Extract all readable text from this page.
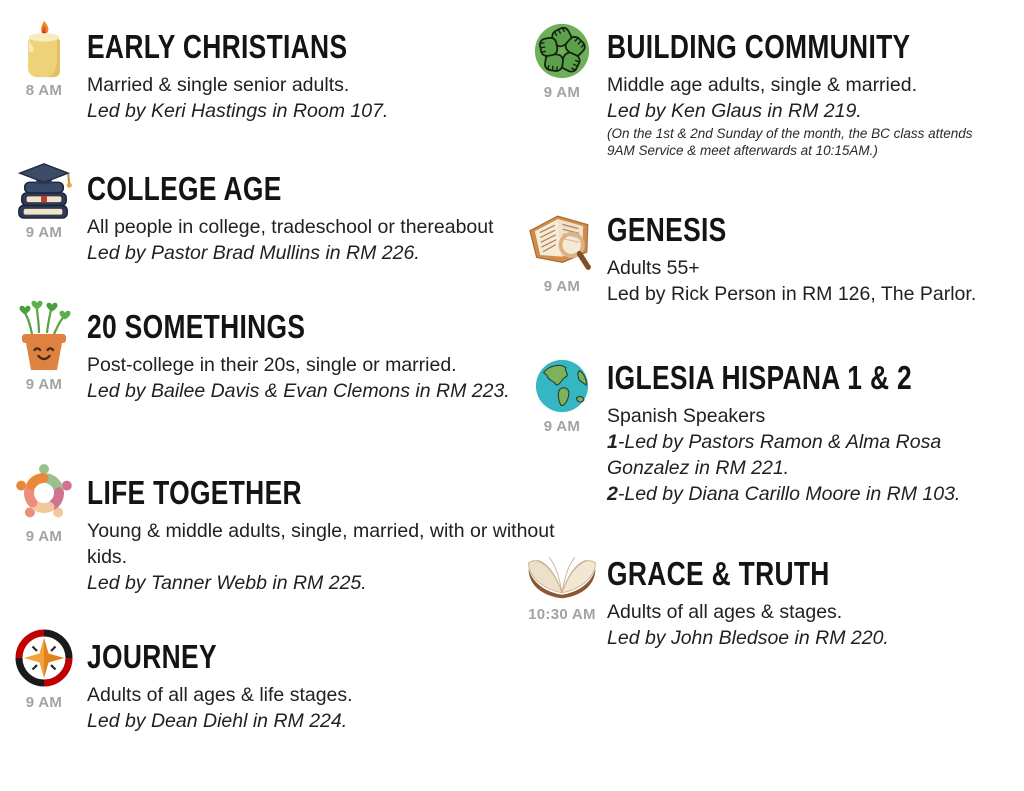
8 AM
EARLY CHRISTIANS

Married & single senior adults.

Led by Keri Hastings in Room 107.

9 AM
COLLEGE AGE

All people in college, tradeschool or thereabout

Led by Pastor Brad Mullins in RM 226.

9 AM
20 SOMETHINGS

Post-college in their 20s, single or married.

Led by Bailee Davis & Evan Clemons in RM 223.

9 AM
LIFE TOGETHER

Young & middle adults, single, married, with or without kids.

Led by Tanner Webb in RM 225.

9 AM
JOURNEY

Adults of all ages & life stages.

Led by Dean Diehl in RM 224.

9 AM
BUILDING COMMUNITY

Middle age adults, single & married.

Led by Ken Glaus in RM 219.

(On the 1st & 2nd Sunday of the month, the BC class attends 9AM Service & meet afterwards at 10:15AM.)

9 AM
GENESIS

Adults 55+

Led by Rick Person in RM 126, The Parlor.

9 AM
IGLESIA HISPANA 1 & 2

Spanish Speakers

1-Led by Pastors Ramon & Alma Rosa Gonzalez in RM 221.

2-Led by Diana Carillo Moore in RM 103.

10:30 AM
GRACE & TRUTH

Adults of all ages & stages.

Led by John Bledsoe in RM 220.
